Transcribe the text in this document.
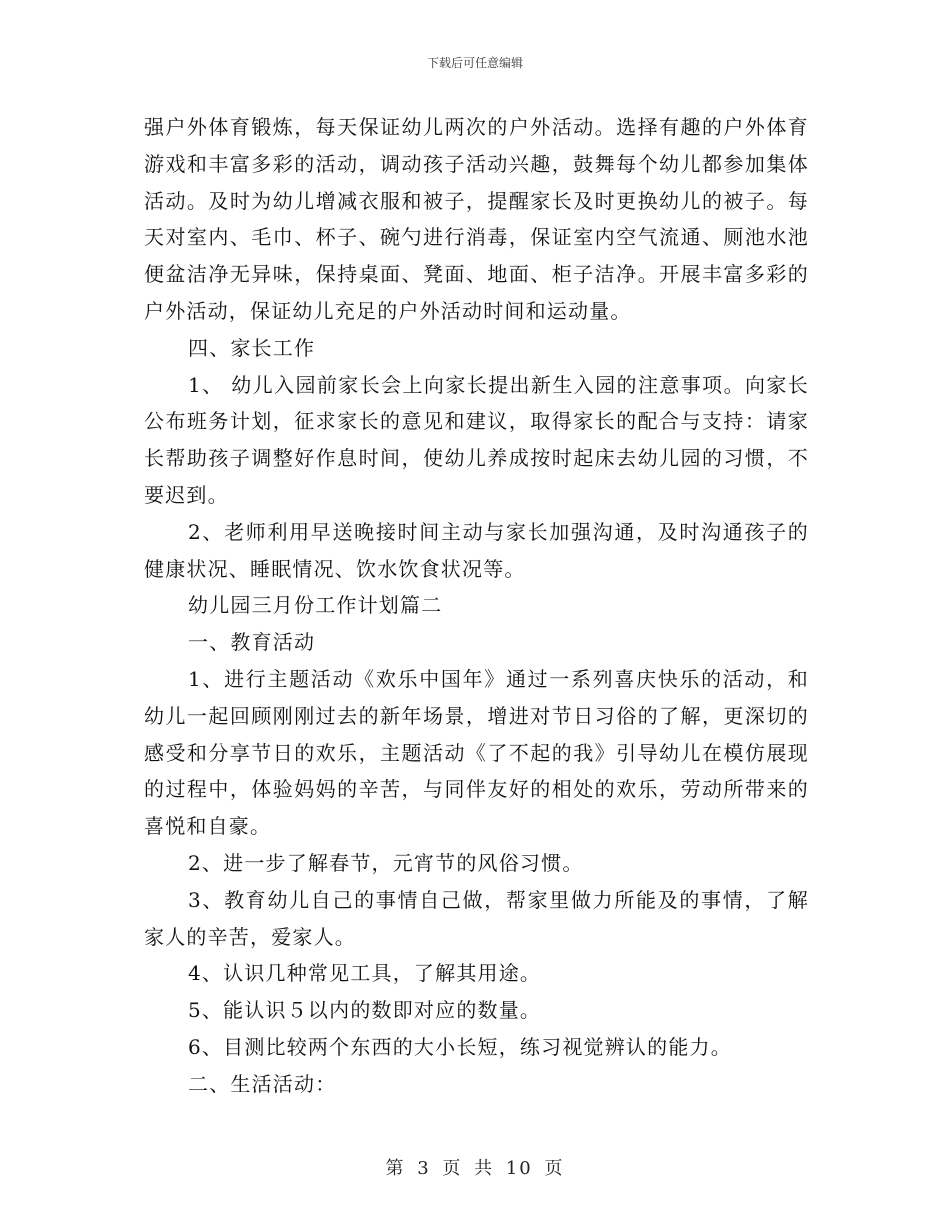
下载后可任意编辑

强户外体育锻炼，每天保证幼儿两次的户外活动。选择有趣的户外体育游戏和丰富多彩的活动，调动孩子活动兴趣，鼓舞每个幼儿都参加集体活动。及时为幼儿增减衣服和被子，提醒家长及时更换幼儿的被子。每天对室内、毛巾、杯子、碗勺进行消毒，保证室内空气流通、厕池水池便盆洁净无异味，保持桌面、凳面、地面、柜子洁净。开展丰富多彩的户外活动，保证幼儿充足的户外活动时间和运动量。

四、家长工作

1、 幼儿入园前家长会上向家长提出新生入园的注意事项。向家长公布班务计划，征求家长的意见和建议，取得家长的配合与支持：请家长帮助孩子调整好作息时间，使幼儿养成按时起床去幼儿园的习惯，不要迟到。

2、老师利用早送晚接时间主动与家长加强沟通，及时沟通孩子的健康状况、睡眠情况、饮水饮食状况等。

幼儿园三月份工作计划篇二

一、教育活动

1、进行主题活动《欢乐中国年》通过一系列喜庆快乐的活动，和幼儿一起回顾刚刚过去的新年场景，增进对节日习俗的了解，更深切的感受和分享节日的欢乐，主题活动《了不起的我》引导幼儿在模仿展现的过程中，体验妈妈的辛苦，与同伴友好的相处的欢乐，劳动所带来的喜悦和自豪。

2、进一步了解春节，元宵节的风俗习惯。

3、教育幼儿自己的事情自己做，帮家里做力所能及的事情，了解家人的辛苦，爱家人。

4、认识几种常见工具，了解其用途。

5、能认识５以内的数即对应的数量。

6、目测比较两个东西的大小长短，练习视觉辨认的能力。

二、生活活动：

第 3 页 共 10 页
